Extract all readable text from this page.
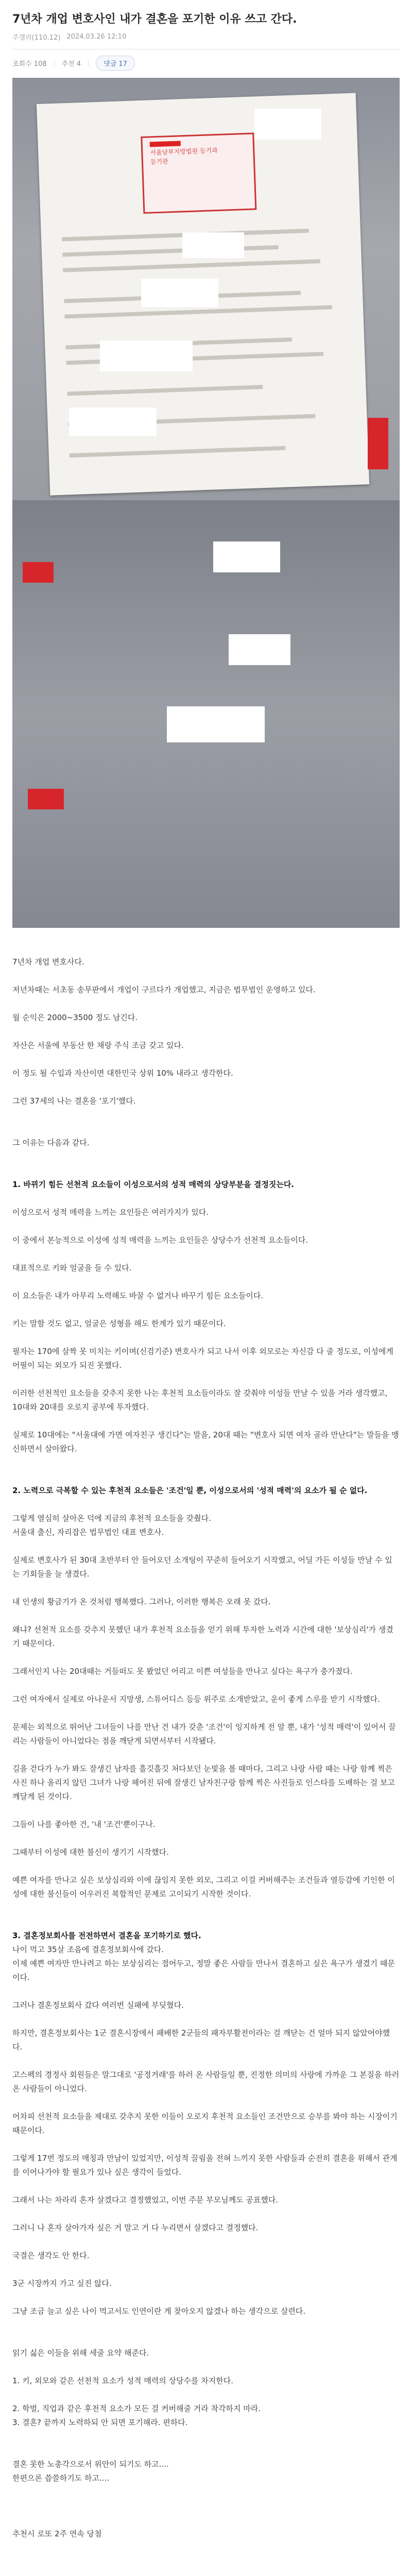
7년차 개업 변호사인 내가 결혼을 포기한 이유 쓰고 간다.
주갤러(110.12) 2024.03.26 12:10
조회수 108 추천 4	댓글 17
서울남부지방법원 등기과
등기관

7년차 개업 변호사다.

저년차때는 서초동 송무판에서 개업이 구르다가 개업했고, 지금은 법무법인 운영하고 있다.

월 순익은 2000~3500 정도 남긴다.

자산은 서울에 부동산 한 채랑 주식 조금 갖고 있다.

이 정도 될 수입과 자산이면 대한민국 상위 10% 내라고 생각한다.

그런 37세의 나는 결혼을 '포기'했다.

그 이유는 다음과 같다.

1. 바뀌기 힘든 선천적 요소들이 이성으로서의 성적 매력의 상당부분을 결정짓는다.

이성으로서 성적 매력을 느끼는 요인들은 여러가지가 있다.

이 중에서 본능적으로 이성에 성적 매력을 느끼는 요인들은 상당수가 선천적 요소들이다.

대표적으로 키와 얼굴을 들 수 있다.

이 요소들은 내가 아무리 노력해도 바꿀 수 없거나 바꾸기 힘든 요소들이다.

키는 말할 것도 없고, 얼굴은 성형을 해도 한계가 있기 때문이다.

필자는 170에 살짝 못 미치는 키이며(신검기준) 변호사가 되고 나서 이후 외모로는 자신감 다 줄 정도로, 이성에게 어필이 되는 외모가 되진 못했다.

이러한 선천적인 요소들을 갖추지 못한 나는 후천적 요소들이라도 잘 갖춰야 이성들 만날 수 있을 거라 생각했고, 10대와 20대를 오로지 공부에 투자했다.

실제로 10대에는 "서울대에 가면 여자친구 생긴다"는 말을, 20대 때는 "변호사 되면 여자 골라 만난다"는 말들을 맹신하면서 살아왔다.

2. 노력으로 극복할 수 있는 후천적 요소들은 '조건'일 뿐, 이성으로서의 '성적 매력'의 요소가 될 순 없다.

그렇게 열심히 살아온 덕에 지금의 후천적 요소들을 갖췄다.

서울대 출신, 자리잡은 법무법인 대표 변호사.

실제로 변호사가 된 30대 초반부터 안 들어오던 소개팅이 꾸준히 들어오기 시작했고, 어딜 가든 이성들 만날 수 있는 기회들을 늘 생겼다.

내 인생의 황금기가 온 것처럼 행복했다. 그러나, 이러한 행복은 오래 못 갔다.

왜냐? 선천적 요소를 갖추지 못했던 내가 후천적 요소들을 얻기 위해 투자한 노력과 시간에 대한 '보상심리'가 생겼기 때문이다.

그래서인지 나는 20대때는 거들떠도 못 봤었던 어리고 이쁜 여성들을 만나고 싶다는 욕구가 충가졌다.

그런 여자에서 실제로 아나운서 지망생, 스튜어디스 등등 위주로 소개받았고, 운이 좋게 스루를 받기 시작했다.

문제는 외적으로 뛰어난 그녀들이 나를 만난 건 내가 갖춘 '조건'이 잉지하게 전 알 뿐, 내가 '성적 매력'이 있어서 끌리는 사람들이 아니었다는 점을 깨닫게 되면서부터 시작됐다.

길을 걷다가 누가 봐도 잘생긴 남자를 흘깃흘깃 처다보던 눈빛을 볼 때마다, 그리고 나랑 사람 때는 나랑 함께 찍은 사진 하나 올리지 않던 그녀가 나랑 헤어진 뒤에 잘생긴 남자친구랑 함께 찍은 사진들로 인스타를 도배하는 걸 보고 깨달게 된 것이다.

그들이 나를 좋아한 건, '내 '조건'뿐이구나.

그때부터 이성에 대한 불신이 생기기 시작했다.

예쁜 여자를 만나고 싶은 보상심리와 이에 끊임지 못한 외모, 그리고 이걸 커버해주는 조건들과 열등감에 기인한 이성에 대한 불신들이 어우러진 복합적인 문제로 고이되기 시작한 것이다.

3. 결혼정보회사를 전전하면서 결혼을 포기하기로 했다.

나이 먹고 35살 조음에 결혼정보회사에 갔다.

이제 예쁜 여자만 만나려고 하는 보상심리는 접어두고, 정말 좋은 사람들 만나서 결혼하고 싶은 욕구가 생겼기 때문이다.

그러나 결혼정보회사 갔다 여러번 실패에 부딪혔다.

하지만, 결혼정보회사는 1군 결혼시장에서 패배한 2군들의 패자부활전이라는 걸 깨닫는 건 얼마 되지 않았어야했다.

고스펙의 경정사 회원들은 말그대로 '공정거래'를 하러 온 사람들일 뿐, 진정한 의미의 사랑에 가까운 그 본질을 하러 온 사람들이 아니었다.

어차피 선천적 요소들을 제대로 갖추지 못한 이들이 오로지 후천적 요소들인 조건만으로 승부를 봐야 하는 시장이기 때문이다.

그렇게 17번 정도의 매칭과 만남이 있었지만, 이성적 끌림을 전혀 느끼지 못한 사람들과 순전히 결혼을 위해서 관계를 이어나가야 할 필요가 있나 싶은 생각이 들었다.

그래서 나는 차라리 혼자 살겠다고 결정했었고, 이번 주문 부모님께도 공표했다.

그러니 나 혼자 살아가자 싶은 거 말고 거 다 누리면서 살겠다고 결정했다.

국결은 생각도 안 한다.

3군 시장까지 가고 싶진 않다.

그냥 조금 늘고 싶은 나이 먹고서도 인연이란 게 찾아오지 않겠나 하는 생각으로 살련다.

읽기 싫은 이들을 위해 세줄 요약 해준다.

1. 키, 외모와 같은 선천적 요소가 성적 매력의 상당수를 차지한다.

2. 학벌, 직업과 같은 후천적 요소가 모든 걸 커버해줄 거라 착각하지 마라.

3. 결혼? 끝까지 노력하되 안 되면 포기해라. 편하다.

결혼 못한 노총각으로서 위안이 되기도 하고....

한편으론 씁쓸하기도 하고....

추천시 로또 2주 연속 당첨
